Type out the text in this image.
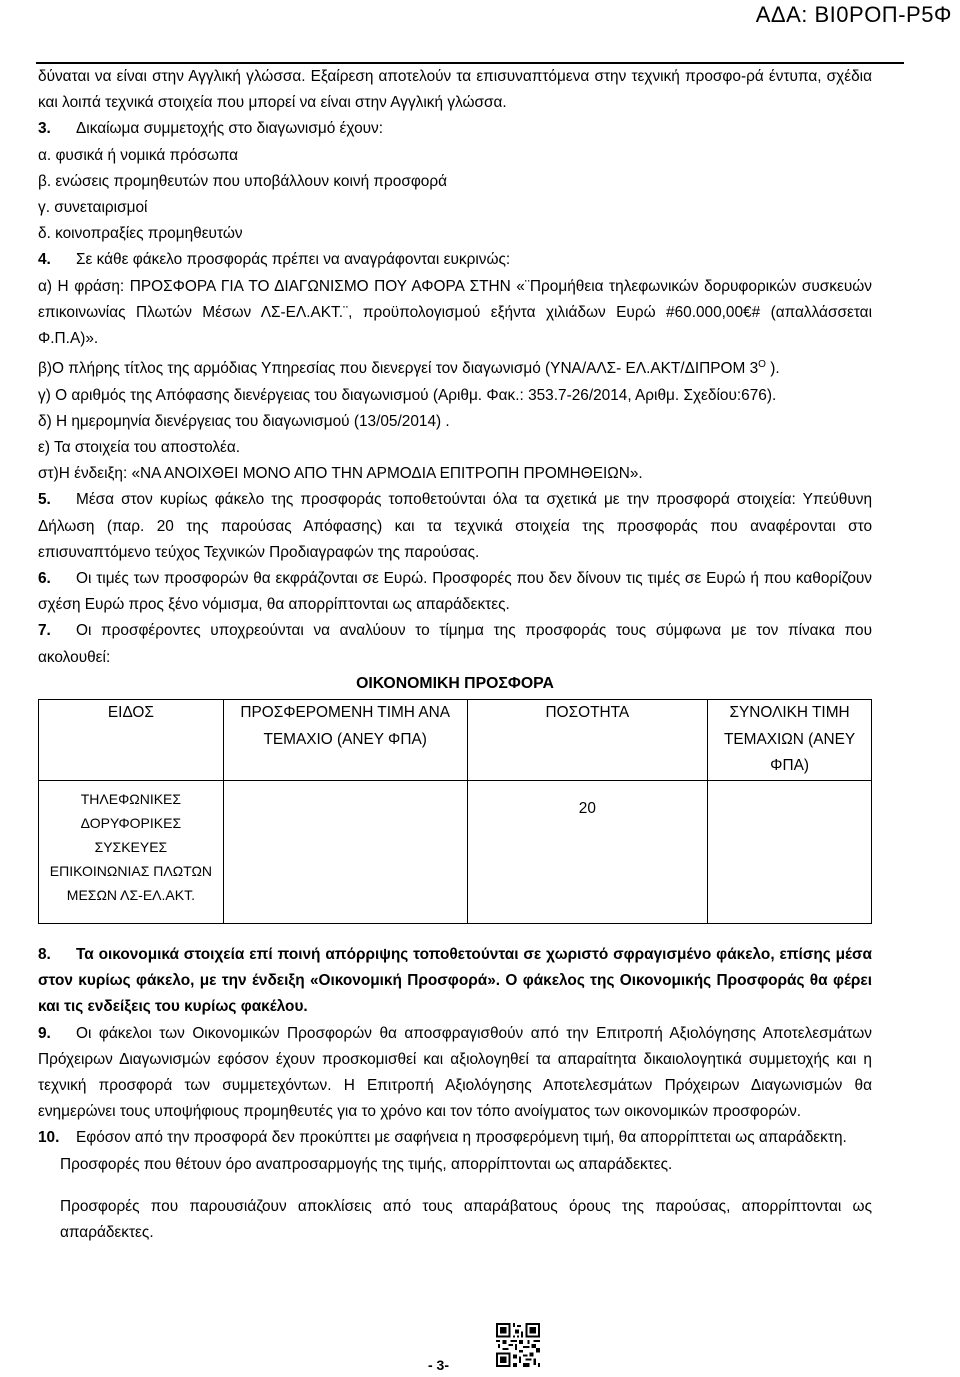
ΑΔΑ: ΒΙ0ΡΟΠ-Ρ5Φ

δύναται να είναι στην Αγγλική γλώσσα. Εξαίρεση αποτελούν τα επισυναπτόμενα στην τεχνική προσφο-ρά έντυπα, σχέδια και λοιπά τεχνικά στοιχεία που μπορεί να είναι στην Αγγλική γλώσσα.

3. Δικαίωμα συμμετοχής στο διαγωνισμό έχουν:

α. φυσικά ή νομικά πρόσωπα

β. ενώσεις προμηθευτών που υποβάλλουν κοινή προσφορά

γ. συνεταιρισμοί

δ. κοινοπραξίες προμηθευτών

4. Σε κάθε φάκελο προσφοράς πρέπει να αναγράφονται ευκρινώς:

α) Η φράση: ΠΡΟΣΦΟΡΑ ΓΙΑ ΤΟ ΔΙΑΓΩΝΙΣΜΟ ΠΟΥ ΑΦΟΡΑ ΣΤΗΝ «¨Προμήθεια τηλεφωνικών δορυφορικών συσκευών επικοινωνίας Πλωτών Μέσων ΛΣ-ΕΛ.ΑΚΤ.¨, προϋπολογισμού εξήντα χιλιάδων Ευρώ #60.000,00€# (απαλλάσσεται Φ.Π.Α)».

β)Ο πλήρης τίτλος της αρμόδιας Υπηρεσίας που διενεργεί τον διαγωνισμό (ΥΝΑ/ΑΛΣ- ΕΛ.ΑΚΤ/ΔΙΠΡΟΜ $3^O$ ).

γ) Ο αριθμός της Απόφασης διενέργειας του διαγωνισμού (Αριθμ. Φακ.: 353.7-26/2014, Αριθμ. Σχεδίου:676).

δ) Η ημερομηνία διενέργειας του διαγωνισμού (13/05/2014) .

ε) Τα στοιχεία του αποστολέα.

στ)Η ένδειξη: «ΝΑ ΑΝΟΙΧΘΕΙ ΜΟΝΟ ΑΠΟ ΤΗΝ ΑΡΜΟΔΙΑ ΕΠΙΤΡΟΠΗ ΠΡΟΜΗΘΕΙΩΝ».

5. Μέσα στον κυρίως φάκελο της προσφοράς τοποθετούνται όλα τα σχετικά με την προσφορά στοιχεία: Υπεύθυνη Δήλωση (παρ. 20 της παρούσας Απόφασης) και τα τεχνικά στοιχεία της προσφοράς που αναφέρονται στο επισυναπτόμενο τεύχος Τεχνικών Προδιαγραφών της παρούσας.

6. Οι τιμές των προσφορών θα εκφράζονται σε Ευρώ. Προσφορές που δεν δίνουν τις τιμές σε Ευρώ ή που καθορίζουν σχέση Ευρώ προς ξένο νόμισμα, θα απορρίπτονται ως απαράδεκτες.

7. Οι προσφέροντες υποχρεούνται να αναλύουν το τίμημα της προσφοράς τους σύμφωνα με τον πίνακα που ακολουθεί:

ΟΙΚΟΝΟΜΙΚΗ ΠΡΟΣΦΟΡΑ

ΕΙΔΟΣ	ΠΡΟΣΦΕΡΟΜΕΝΗ ΤΙΜΗ ΑΝΑ ΤΕΜΑΧΙΟ (ΑΝΕΥ ΦΠΑ)	ΠΟΣΟΤΗΤΑ	ΣΥΝΟΛΙΚΗ ΤΙΜΗ ΤΕΜΑΧΙΩΝ (ΑΝΕΥ ΦΠΑ)
ΤΗΛΕΦΩΝΙΚΕΣ ΔΟΡΥΦΟΡΙΚΕΣ ΣΥΣΚΕΥΕΣ ΕΠΙΚΟΙΝΩΝΙΑΣ ΠΛΩΤΩΝ ΜΕΣΩΝ ΛΣ-ΕΛ.ΑΚΤ.		20	

8. Τα οικονομικά στοιχεία επί ποινή απόρριψης τοποθετούνται σε χωριστό σφραγισμένο φάκελο, επίσης μέσα στον κυρίως φάκελο, με την ένδειξη «Οικονομική Προσφορά». Ο φάκελος της Οικονομικής Προσφοράς θα φέρει και τις ενδείξεις του κυρίως φακέλου.

9. Οι φάκελοι των Οικονομικών Προσφορών θα αποσφραγισθούν από την Επιτροπή Αξιολόγησης Αποτελεσμάτων Πρόχειρων Διαγωνισμών εφόσον έχουν προσκομισθεί και αξιολογηθεί τα απαραίτητα δικαιολογητικά συμμετοχής και η τεχνική προσφορά των συμμετεχόντων. Η Επιτροπή Αξιολόγησης Αποτελεσμάτων Πρόχειρων Διαγωνισμών θα ενημερώνει τους υποψήφιους προμηθευτές για το χρόνο και τον τόπο ανοίγματος των οικονομικών προσφορών.

10. Εφόσον από την προσφορά δεν προκύπτει με σαφήνεια η προσφερόμενη τιμή, θα απορρίπτεται ως απαράδεκτη.

Προσφορές που θέτουν όρο αναπροσαρμογής της τιμής, απορρίπτονται ως απαράδεκτες.

Προσφορές που παρουσιάζουν αποκλίσεις από τους απαράβατους όρους της παρούσας, απορρίπτονται ως απαράδεκτες.

- 3-
